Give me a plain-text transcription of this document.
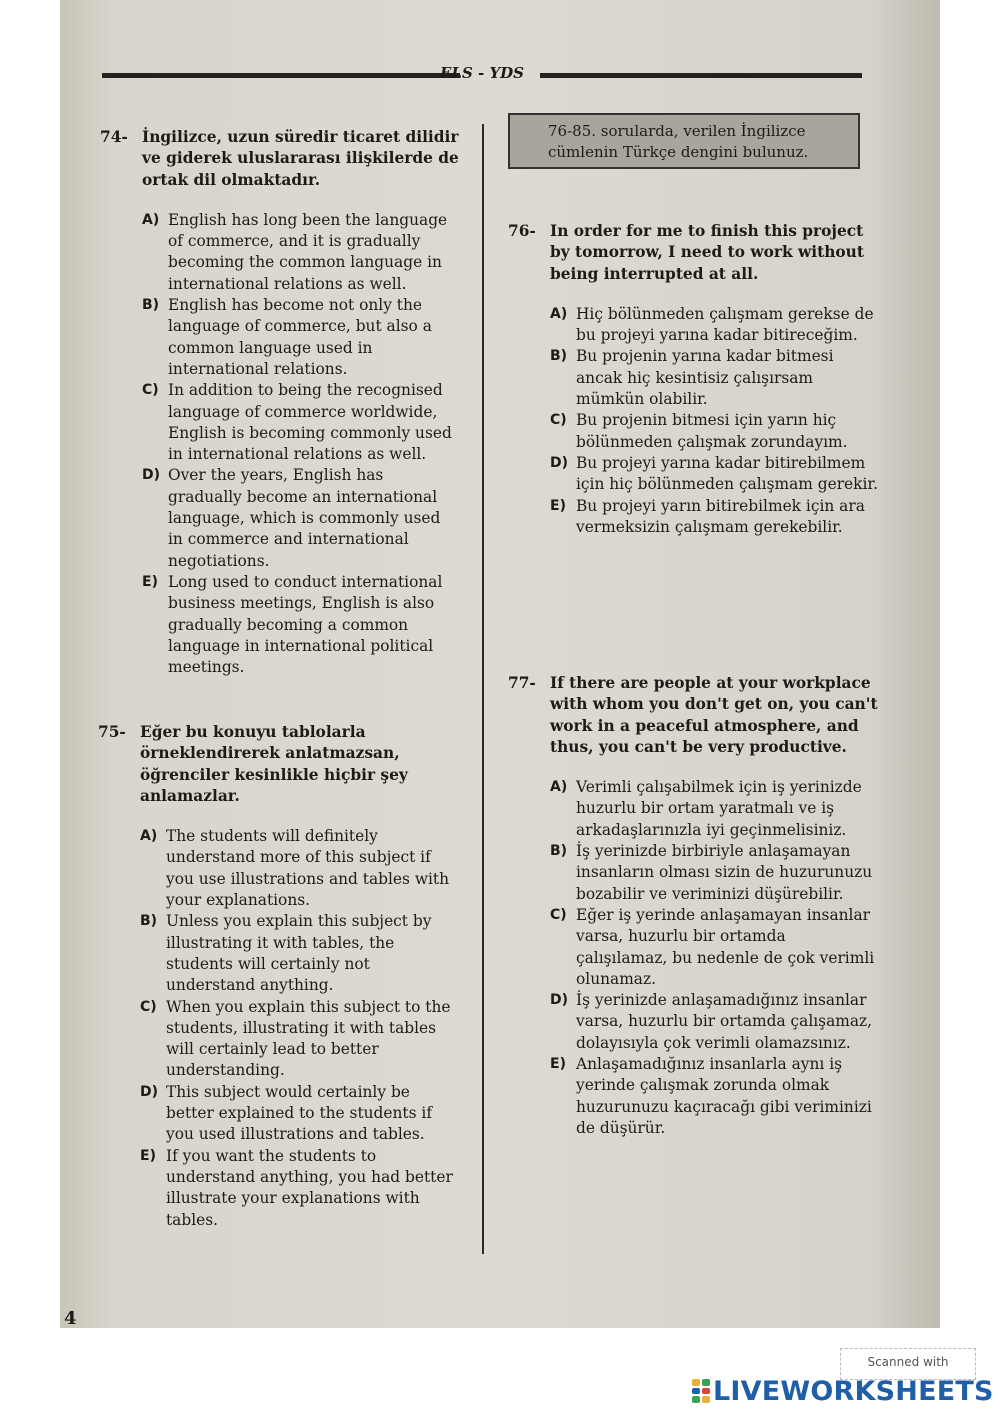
ELS - YDS
74- İngilizce, uzun süredir ticaret dilidir ve giderek uluslararası ilişkilerde de ortak dil olmaktadır.
A) English has long been the language of commerce, and it is gradually becoming the common language in international relations as well.
B) English has become not only the language of commerce, but also a common language used in international relations.
C) In addition to being the recognised language of commerce worldwide, English is becoming commonly used in international relations as well.
D) Over the years, English has gradually become an international language, which is commonly used in commerce and international negotiations.
E) Long used to conduct international business meetings, English is also gradually becoming a common language in international political meetings.
75- Eğer bu konuyu tablolarla örneklendirerek anlatmazsan, öğrenciler kesinlikle hiçbir şey anlamazlar.
A) The students will definitely understand more of this subject if you use illustrations and tables with your explanations.
B) Unless you explain this subject by illustrating it with tables, the students will certainly not understand anything.
C) When you explain this subject to the students, illustrating it with tables will certainly lead to better understanding.
D) This subject would certainly be better explained to the students if you used illustrations and tables.
E) If you want the students to understand anything, you had better illustrate your explanations with tables.
76-85. sorularda, verilen İngilizce cümlenin Türkçe dengini bulunuz.
76- In order for me to finish this project by tomorrow, I need to work without being interrupted at all.
A) Hiç bölünmeden çalışmam gerekse de bu projeyi yarına kadar bitireceğim.
B) Bu projenin yarına kadar bitmesi ancak hiç kesintisiz çalışırsam mümkün olabilir.
C) Bu projenin bitmesi için yarın hiç bölünmeden çalışmak zorundayım.
D) Bu projeyi yarına kadar bitirebilmem için hiç bölünmeden çalışmam gerekir.
E) Bu projeyi yarın bitirebilmek için ara vermeksizin çalışmam gerekebilir.
77- If there are people at your workplace with whom you don't get on, you can't work in a peaceful atmosphere, and thus, you can't be very productive.
A) Verimli çalışabilmek için iş yerinizde huzurlu bir ortam yaratmalı ve iş arkadaşlarınızla iyi geçinmelisiniz.
B) İş yerinizde birbiriyle anlaşamayan insanların olması sizin de huzurunuzu bozabilir ve veriminizi düşürebilir.
C) Eğer iş yerinde anlaşamayan insanlar varsa, huzurlu bir ortamda çalışılamaz, bu nedenle de çok verimli olunamaz.
D) İş yerinizde anlaşamadığınız insanlar varsa, huzurlu bir ortamda çalışamaz, dolayısıyla çok verimli olamazsınız.
E) Anlaşamadığınız insanlarla aynı iş yerinde çalışmak zorunda olmak huzurunuzu kaçıracağı gibi veriminizi de düşürür.
4
Scanned with
LIVEWORKSHEETS
